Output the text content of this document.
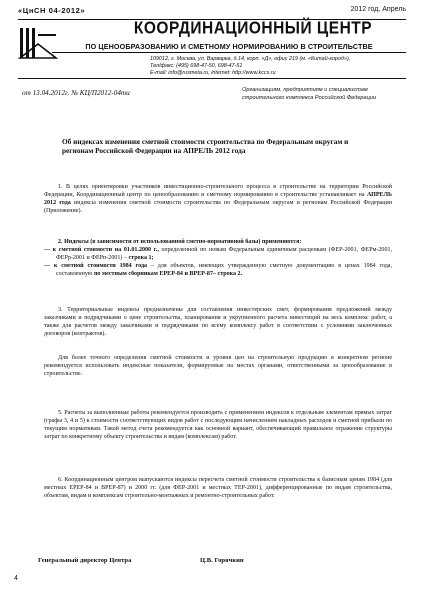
«ЦнСН 04-2012»	2012 год, Апрель
КООРДИНАЦИОННЫЙ ЦЕНТР
ПО ЦЕНООБРАЗОВАНИЮ И СМЕТНОМУ НОРМИРОВАНИЮ В СТРОИТЕЛЬСТВЕ
109012, г. Москва, ул. Варварка, д.14, корп. «Д», офис 219 (м. «Китай-город»),
Тел/факс: (495) 698-47-50, 698-47-51
E-mail: info@rusmeta.ru, internet: http://www.kccs.ru
от 13.04.2012г. № КЦ/П2012-04ти	Организациям, предприятиям и специалистам
строительного комплекса Российской Федерации
Об индексах изменения сметной стоимости строительства по Федеральным округам и регионам Российской Федерации на АПРЕЛЬ 2012 года
1. В целях ориентировки участников инвестиционно-строительного процесса в строительстве на территории Российской Федерации, Координационный центр по ценообразованию и сметному нормированию в строительстве устанавливает на АПРЕЛЬ 2012 года индексы изменения сметной стоимости строительства по Федеральным округам и регионам Российской Федерации (Приложение).
2. Индексы (в зависимости от использованной сметно-нормативной базы) применяются:
— к сметной стоимости на 01.01.2000 г., определенной по новым Федеральным единичным расценкам (ФЕР-2001, ФЕРм-2001, ФЕРр-2001 и ФЕРп-2001) – строка 1;
— к сметной стоимости 1984 года – для объектов, имеющих утвержденную сметную документацию в ценах 1984 года, составленную по местным сборникам ЕРЕР-84 и ВРЕР-87– строка 2.
3. Территориальные индексы предназначены для составления инвестерских смет, формирования предложений между заказчиками и подрядчиками о цене строительства, планирования и укрупненного расчета инвестиций на весь комплекс работ, а также для расчетов между заказчиками и подрядчиками по всему комплексу работ в соответствии с условиями заключенных договоров (контрактов).
Для более точного определения сметной стоимости и уровня цен на строительную продукцию в конкретном регионе рекомендуется использовать индексные показатели, формируемые на местах органами, ответственными за ценообразование в строительстве.
5. Расчеты за выполненные работы рекомендуется производить с применением индексов к отдельным элементам прямых затрат (графы 3, 4 и 5) к стоимости соответствующих видов работ с последующим начислением накладных расходов и сметной прибыли по текущим нормативам. Такой метод счета рекомендуется как основной вариант, обеспечивающий правильное отражение структуры затрат по конкретному объекту строительства и видам (комплексам) работ.
6. Координационным центром выпускаются индексы пересчета сметной стоимости строительства к базисным ценам 1984 (для местных ЕРЕР-84 и ВРЕР-87) и 2000 гг. (для ФЕР-2001 и местных ТЕР-2001), дифференцированные по видам строительства, объектам, видам и комплексам строительно-монтажных и ремонтно-строительных работ.
Генеральный директор Центра	Ц.В. Горячкин
4
